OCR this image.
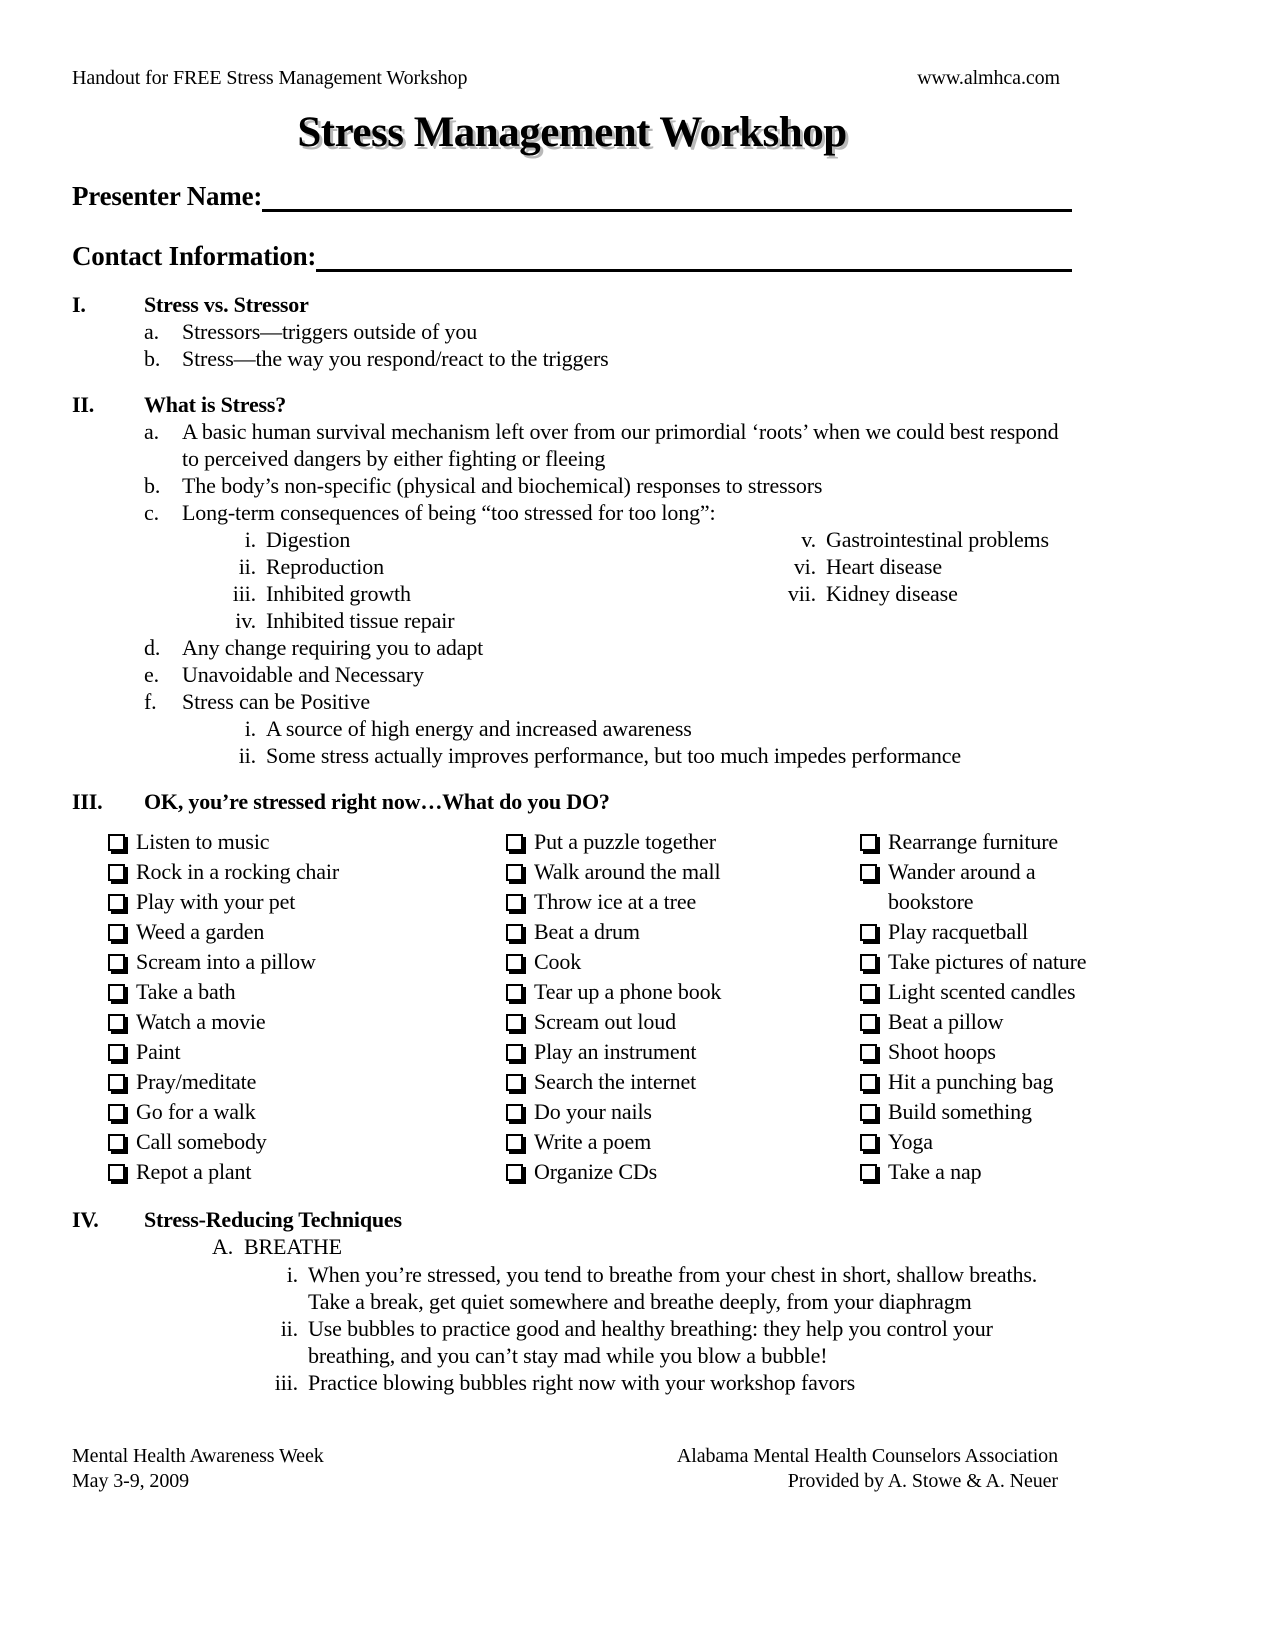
Handout for FREE Stress Management Workshop	www.almhca.com
Stress Management Workshop
Presenter Name:
Contact Information:
I.	Stress vs. Stressor
a.	Stressors—triggers outside of you
b. Stress—the way you respond/react to the triggers
II.	What is Stress?
a.	A basic human survival mechanism left over from our primordial ‘roots’ when we could best respond to perceived dangers by either fighting or fleeing
b. The body’s non-specific (physical and biochemical) responses to stressors
c.	Long-term consequences of being “too stressed for too long”:
i. Digestion
ii. Reproduction
iii. Inhibited growth
iv. Inhibited tissue repair
v. Gastrointestinal problems
vi. Heart disease
vii. Kidney disease
d. Any change requiring you to adapt
e.	Unavoidable and Necessary
f.	Stress can be Positive
i. A source of high energy and increased awareness
ii. Some stress actually improves performance, but too much impedes performance
III.	OK, you’re stressed right now…What do you DO?
Listen to music
Rock in a rocking chair
Play with your pet
Weed a garden
Scream into a pillow
Take a bath
Watch a movie
Paint
Pray/meditate
Go for a walk
Call somebody
Repot a plant
Put a puzzle together
Walk around the mall
Throw ice at a tree
Beat a drum
Cook
Tear up a phone book
Scream out loud
Play an instrument
Search the internet
Do your nails
Write a poem
Organize CDs
Rearrange furniture
Wander around a bookstore
Play racquetball
Take pictures of nature
Light scented candles
Beat a pillow
Shoot hoops
Hit a punching bag
Build something
Yoga
Take a nap
IV.	Stress-Reducing Techniques
A. BREATHE
i. When you’re stressed, you tend to breathe from your chest in short, shallow breaths. Take a break, get quiet somewhere and breathe deeply, from your diaphragm
ii. Use bubbles to practice good and healthy breathing: they help you control your breathing, and you can’t stay mad while you blow a bubble!
iii. Practice blowing bubbles right now with your workshop favors
Mental Health Awareness Week
May 3-9, 2009
Alabama Mental Health Counselors Association
Provided by A. Stowe & A. Neuer
